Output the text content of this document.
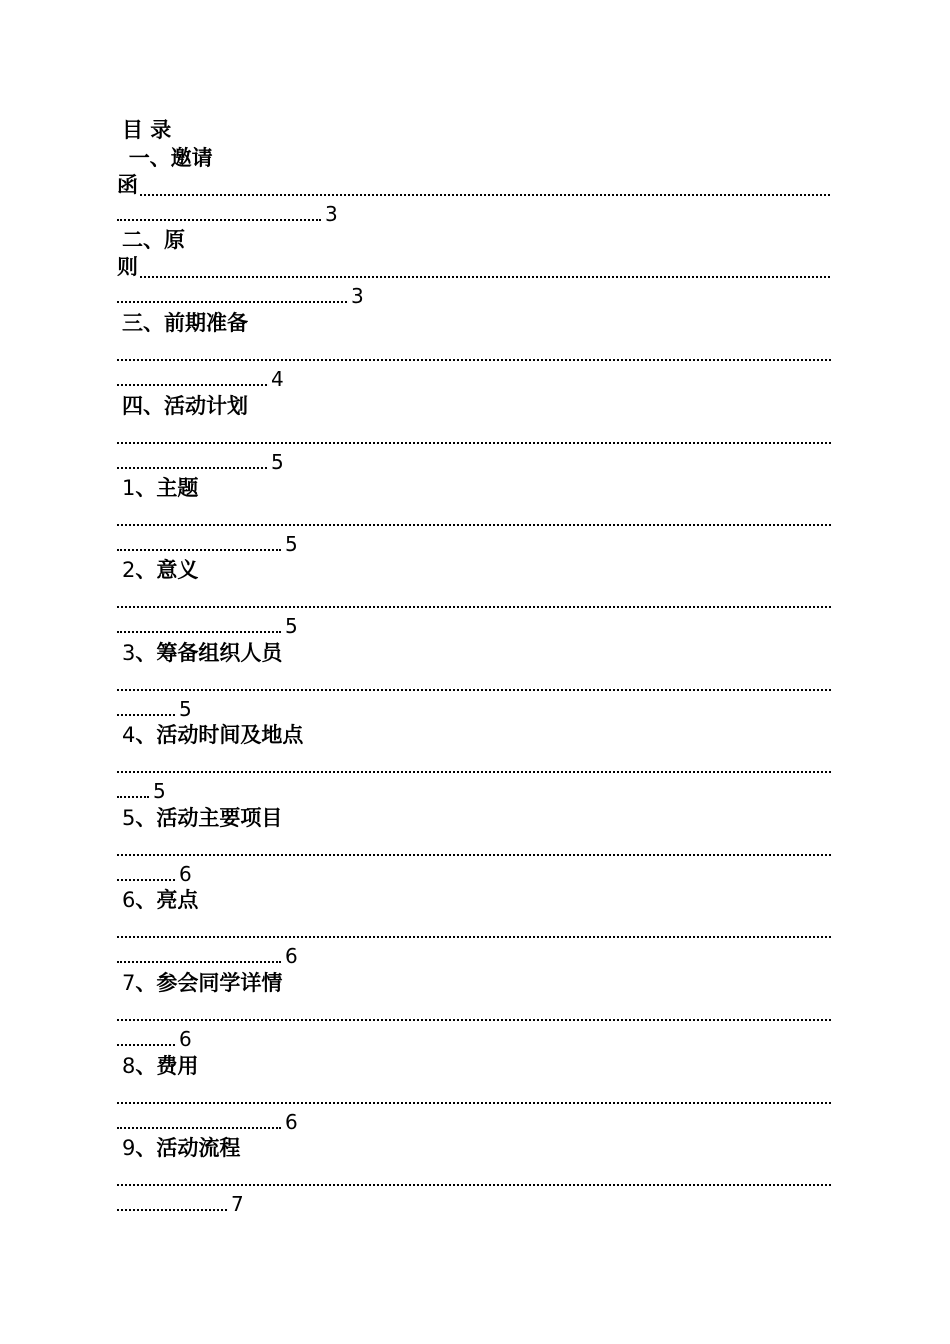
目 录
一、邀请
函
3
二、原
则
3
三、前期准备
4
四、活动计划
5
1、主题
5
2、意义
5
3、筹备组织人员
5
4、活动时间及地点
5
5、活动主要项目
6
6、亮点
6
7、参会同学详情
6
8、费用
6
9、活动流程
7
